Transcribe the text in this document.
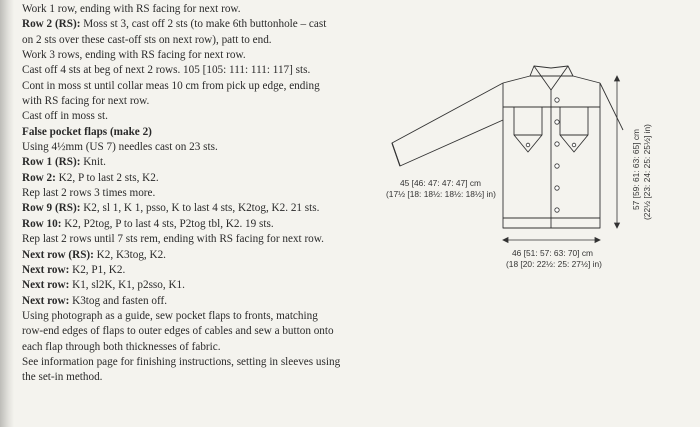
Work 1 row, ending with RS facing for next row.
Row 2 (RS): Moss st 3, cast off 2 sts (to make 6th buttonhole – cast
on 2 sts over these cast-off sts on next row), patt to end.
Work 3 rows, ending with RS facing for next row.
Cast off 4 sts at beg of next 2 rows. 105 [105: 111: 111: 117] sts.
Cont in moss st until collar meas 10 cm from pick up edge, ending
with RS facing for next row.
Cast off in moss st.
False pocket flaps (make 2)
Using 4½mm (US 7) needles cast on 23 sts.
Row 1 (RS): Knit.
Row 2: K2, P to last 2 sts, K2.
Rep last 2 rows 3 times more.
Row 9 (RS): K2, sl 1, K 1, psso, K to last 4 sts, K2tog, K2. 21 sts.
Row 10: K2, P2tog, P to last 4 sts, P2tog tbl, K2. 19 sts.
Rep last 2 rows until 7 sts rem, ending with RS facing for next row.
Next row (RS): K2, K3tog, K2.
Next row: K2, P1, K2.
Next row: K1, sl2K, K1, p2sso, K1.
Next row: K3tog and fasten off.
Using photograph as a guide, sew pocket flaps to fronts, matching
row-end edges of flaps to outer edges of cables and sew a button onto
each flap through both thicknesses of fabric.
See information page for finishing instructions, setting in sleeves using
the set-in method.
45 [46: 47: 47: 47] cm
(17½ [18: 18½: 18½: 18½] in)
46 [51: 57: 63: 70] cm
(18 [20: 22½: 25: 27½] in)
57 [59: 61: 63: 65] cm (22½ [23: 24: 25: 25½] in)
